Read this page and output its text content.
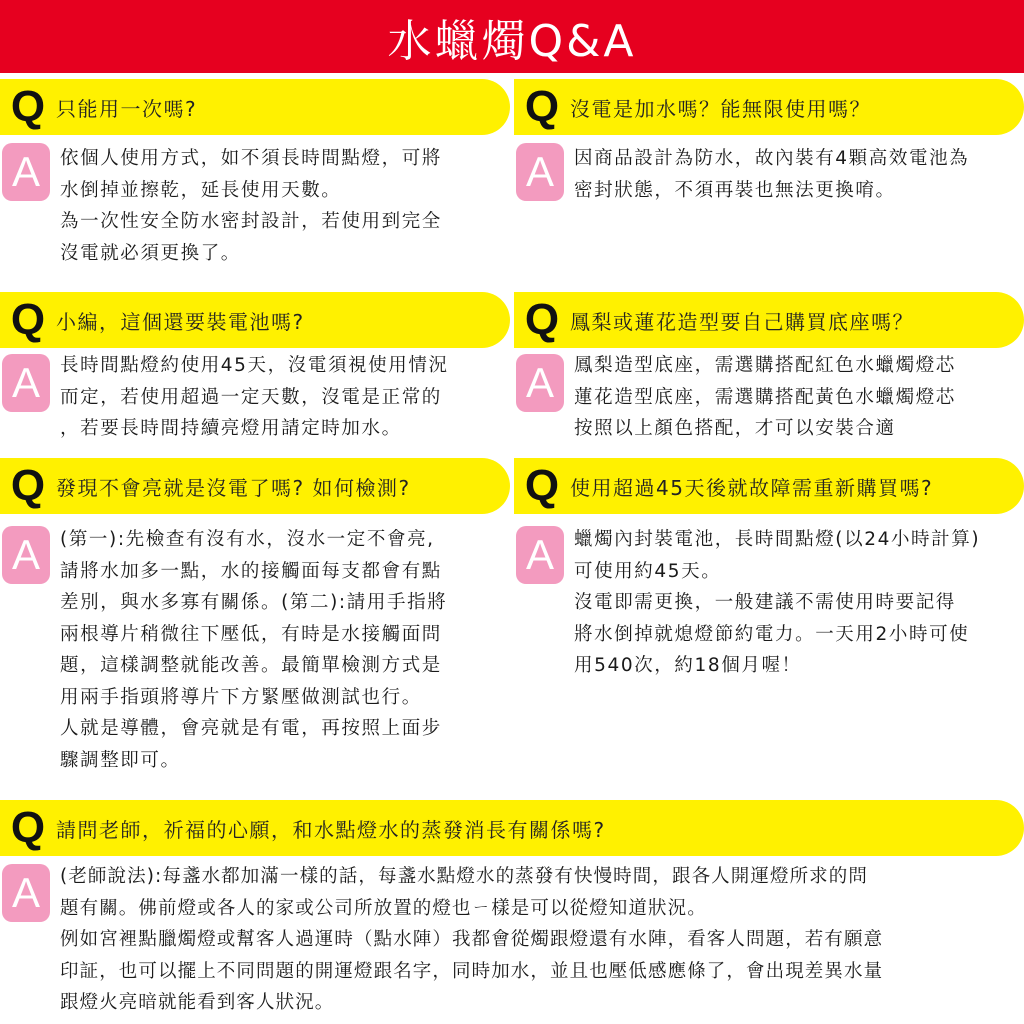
水蠟燭Q&A
Q 只能用一次嗎?
A	依個人使用方式，如不須長時間點燈，可將

水倒掉並擦乾，延長使用天數。

為一次性安全防水密封設計，若使用到完全

沒電就必須更換了。

Q 沒電是加水嗎？能無限使用嗎？
A	因商品設計為防水，故內裝有4顆高效電池為

密封狀態，不須再裝也無法更換唷。

Q 小編，這個還要裝電池嗎?
A	長時間點燈約使用45天，沒電須視使用情況

而定，若使用超過一定天數，沒電是正常的

，若要長時間持續亮燈用請定時加水。

Q 鳳梨或蓮花造型要自己購買底座嗎？
A	鳳梨造型底座，需選購搭配紅色水蠟燭燈芯

蓮花造型底座，需選購搭配黃色水蠟燭燈芯

按照以上顏色搭配，才可以安裝合適

Q 發現不會亮就是沒電了嗎? 如何檢測?
A	(第一):先檢查有沒有水，沒水一定不會亮,

請將水加多一點，水的接觸面每支都會有點

差別，與水多寡有關係。(第二):請用手指將

兩根導片稍微往下壓低，有時是水接觸面問

題，這樣調整就能改善。最簡單檢測方式是

用兩手指頭將導片下方緊壓做測試也行。

人就是導體，會亮就是有電，再按照上面步

驟調整即可。

Q 使用超過45天後就故障需重新購買嗎?
A	蠟燭內封裝電池，長時間點燈(以24小時計算)

可使用約45天。

沒電即需更換，一般建議不需使用時要記得

將水倒掉就熄燈節約電力。一天用2小時可使

用540次，約18個月喔！

Q 請問老師，祈福的心願，和水點燈水的蒸發消長有關係嗎?
A	(老師說法):每盞水都加滿一樣的話，每盞水點燈水的蒸發有快慢時間，跟各人開運燈所求的問

題有關。佛前燈或各人的家或公司所放置的燈也ㄧ樣是可以從燈知道狀況。

例如宮裡點臘燭燈或幫客人過運時（點水陣）我都會從燭跟燈還有水陣，看客人問題，若有願意

印証，也可以擺上不同問題的開運燈跟名字，同時加水，並且也壓低感應條了，會出現差異水量

跟燈火亮暗就能看到客人狀況。
